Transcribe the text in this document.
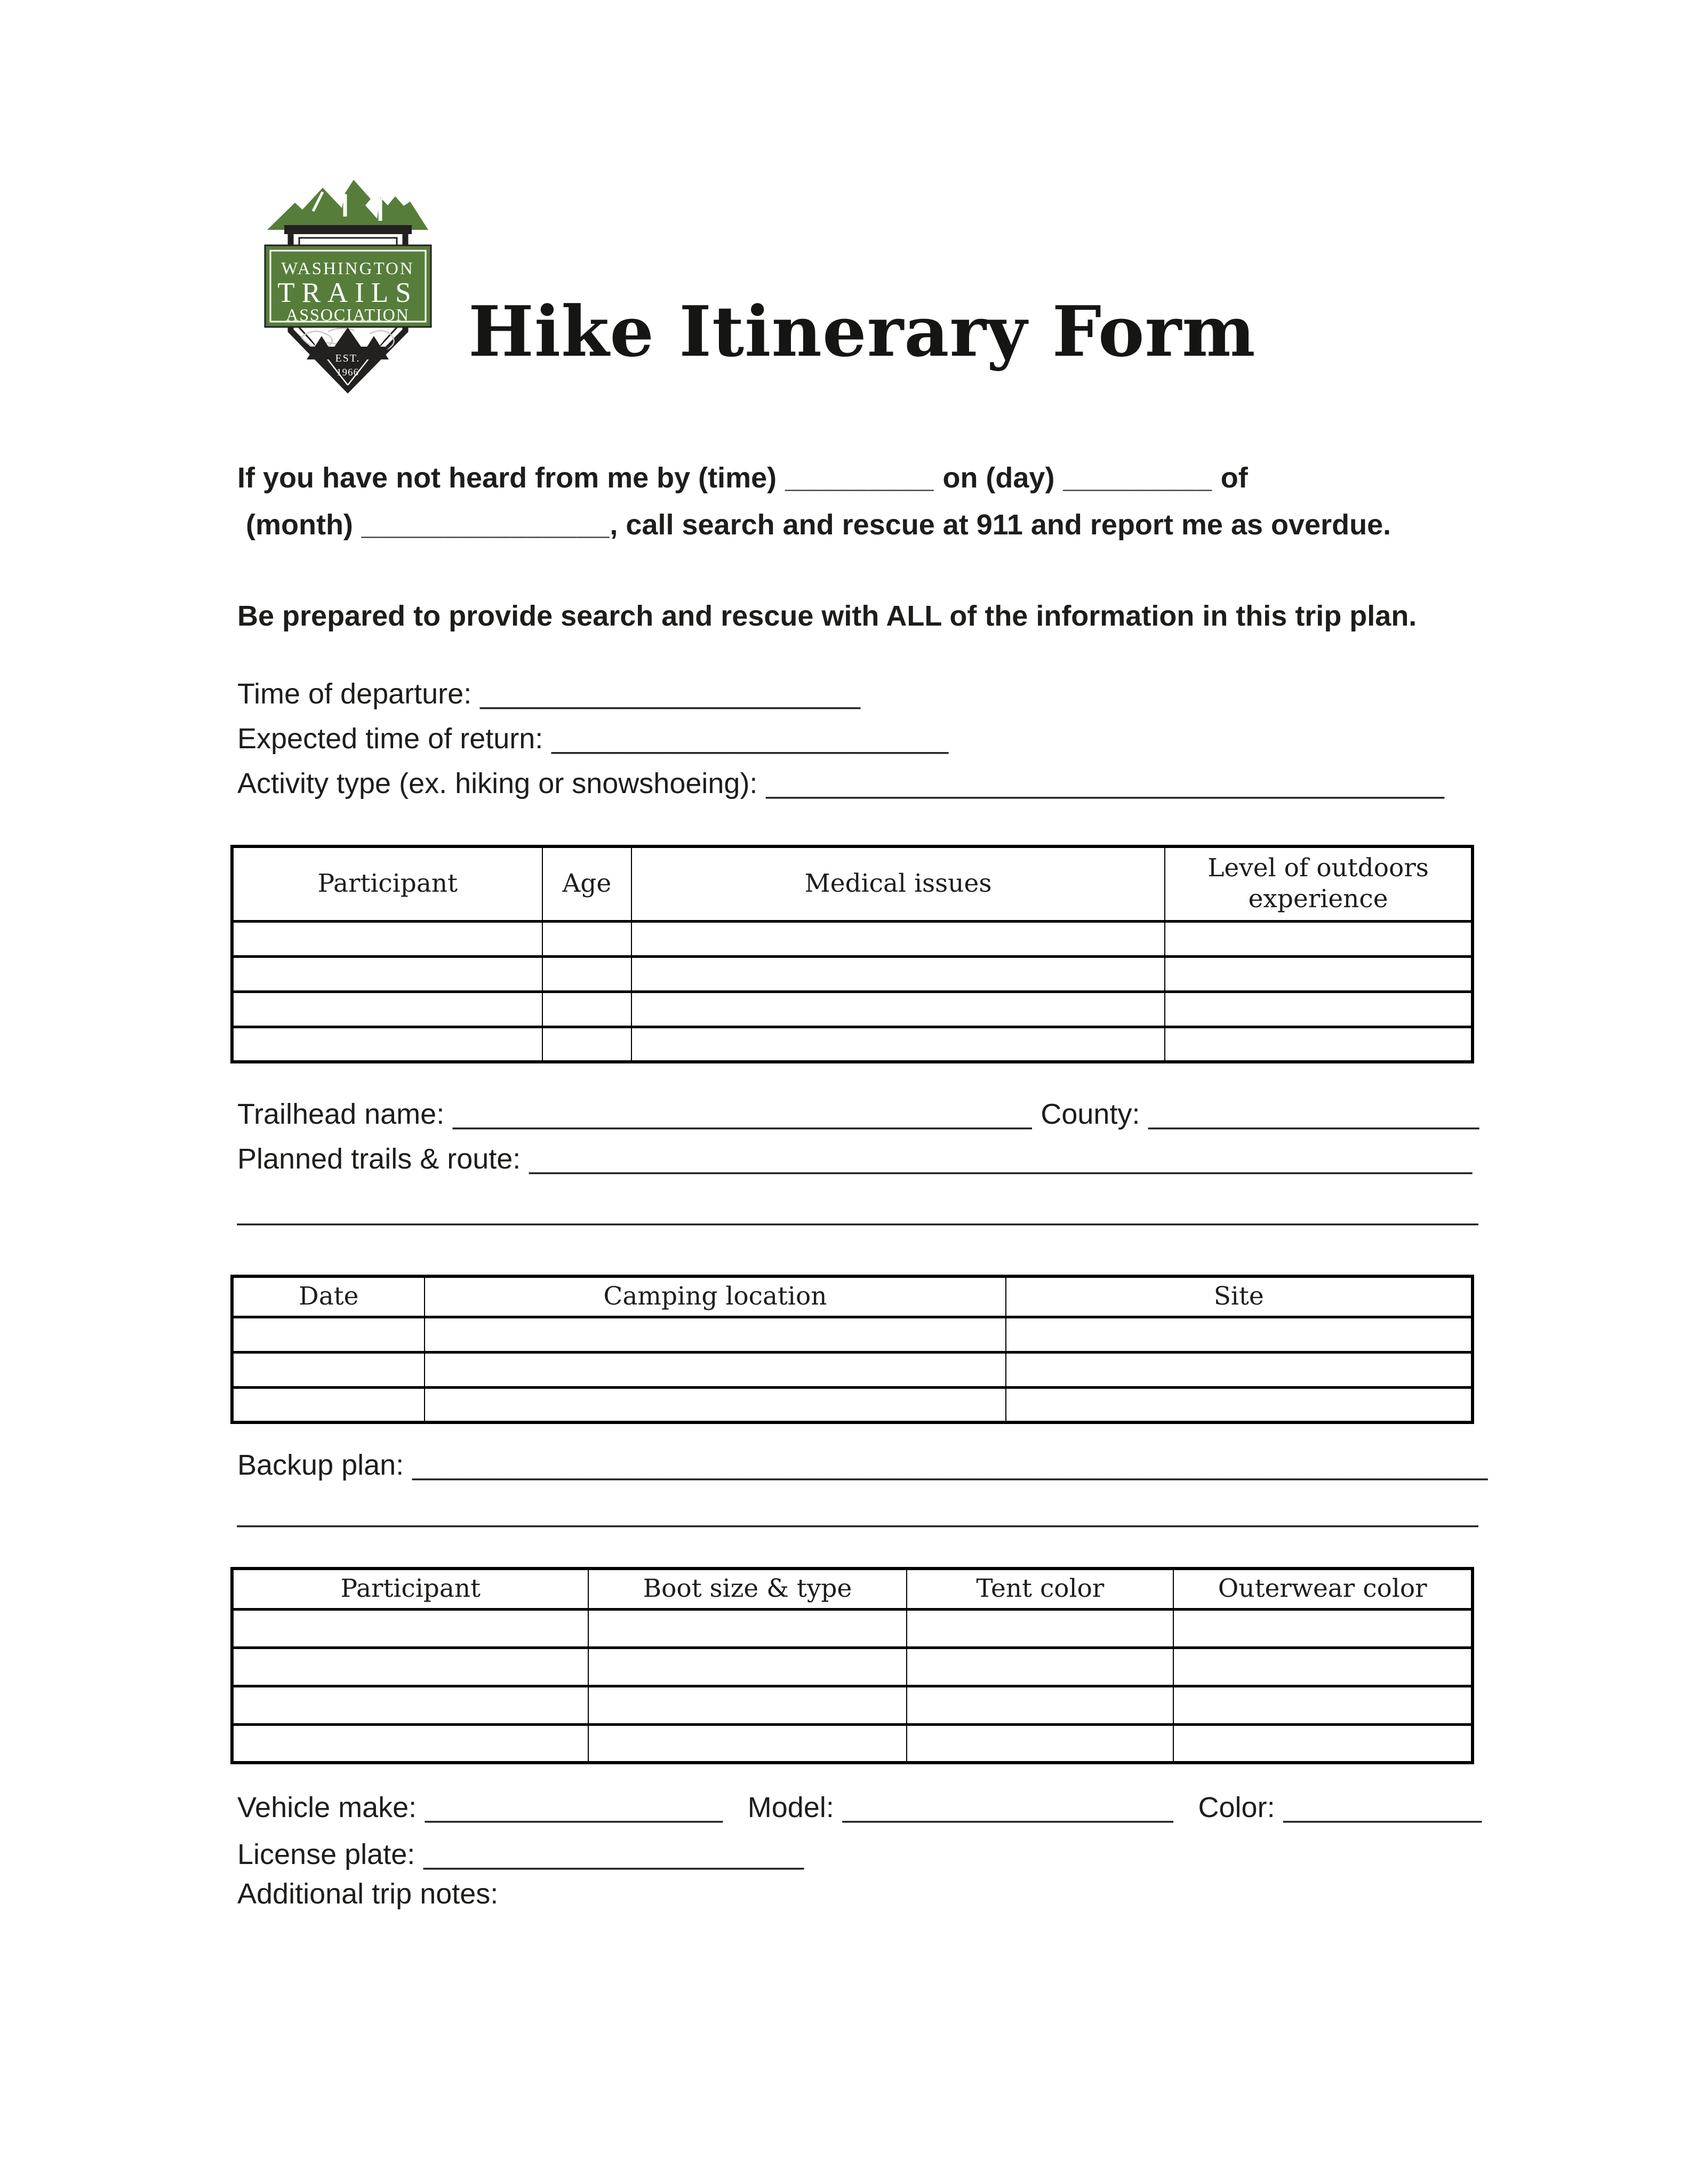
WASHINGTON
TRAILS
ASSOCIATION
EST.
1966
Hike Itinerary Form
If you have not heard from me by (time) _________ on (day) _________ of
(month) _______________, call search and rescue at 911 and report me as overdue.
Be prepared to provide search and rescue with ALL of the information in this trip plan.
Time of departure: _______________________
Expected time of return: ________________________
Activity type (ex. hiking or snowshoeing): _________________________________________
Participant	Age	Medical issues	Level of outdoors experience

Trailhead name: ___________________________________ County: ____________________
Planned trails & route: _________________________________________________________
___________________________________________________________________________
Date	Camping location	Site

Backup plan: _________________________________________________________________
___________________________________________________________________________
Participant	Boot size & type	Tent color	Outerwear color

Vehicle make: __________________ Model: ____________________ Color: ____________
License plate: _______________________
Additional trip notes:
